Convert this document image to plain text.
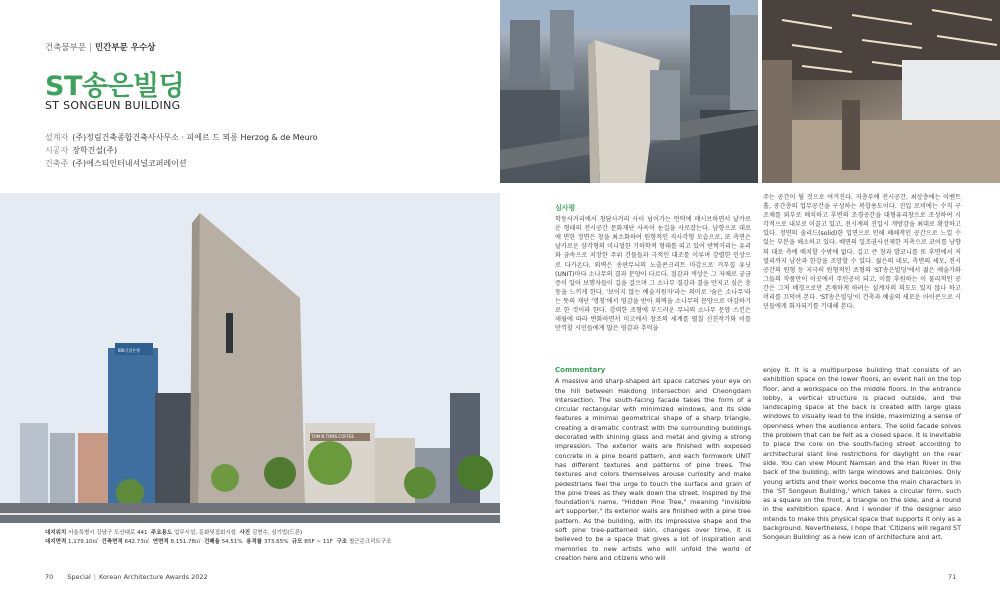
건축물부문 | 민간부문 우수상
ST송은빌딩
ST SONGEUN BUILDING
설계자 (주)정림건축종합건축사사무소 · 피에르 드 뫼롱 Herzog & de Meuro
시공자 장학건설(주)
건축주 (주)에스티인터내셔널코퍼레이션
IBK기업은행
TOM N TOMS COFFEE
대지위치 서울특별시 강남구 도산대로 441 주요용도 업무시설, 문화및집회시설 사진 김현수, 심기법(드론)
대지면적 1,179.10㎡ 건축면적 642.73㎡ 연면적 8,151.78㎡ 건폐율 54.51% 용적률 373.65% 규모 B5F ~ 11F 구조 철근콘크리트구조
심사평
학동사거리에서 청담사거리 사이 넘어가는 언덕에 매시브하면서 날카로운 형태의 전시공간 문화재단 사옥이 눈길을 사로잡는다. 남향으로 대로에 면한 정면은 창을 최소화하여 원형적인 직사각형 모습으로, 또 측면은 날카로운 삼각형의 미니멀한 기하학적 형태를 띠고 있어 반짝거리는 유리와 금속으로 치장한 주위 건물들과 극적인 대조를 이루며 강렬한 인상으로 다가온다. 외벽은 송판무늬의 노출콘크리트 마감으로 거푸집 유닛(UNIT)마다 소나무의 결과 문양이 다르다. 질감과 색상은 그 자체로 궁금증이 일어 보행자들이 길을 걸으며 그 소나무 질감과 결을 만지고 싶은 충동을 느끼게 한다. '보이지 않는 예술지원자'라는 의미로 '숨은 소나무'라는 뜻의 재단 '명칭'에서 영감을 받아 외벽을 소나무의 문양으로 마감하기로 한 것이라 한다. 강력한 조형에 부드러운 무늬의 소나무 문양 스킨은 세월에 따라 변화하면서 미고에서 창조의 세계를 펼칠 신진작가와 이를 만끽할 시민들에게 많은 영감과 추억을
주는 공간이 될 것으로 여겨진다. 저층부에 전시공간, 최상층에는 이벤트홀, 중간층의 업무공간을 구성하는 복합용도이다. 진입 로비에는 수직 구조체를 외부로 배치하고 후면의 조경공간을 대형유리창으로 조성하여 시각적으로 내부로 이끌고 있고, 전시계의 진입시 개방감을 최대로 확장하고 있다. 정면의 솔리드(solid)한 입면으로 인해 폐쇄적인 공간으로 느낄 수 있는 부분을 해소하고 있다. 배면의 일조권사선제한 저촉으로 코어를 남향의 대로 측에 배치할 수밖에 없다. 길고 큰 창과 발코니를 또 후면에서 저 멀리까지 남산과 한강을 조망할 수 있다. 젊은의 네모, 측면의 세모, 전시공간의 원형 등 지극히 원형적인 조형의 'ST송은빌딩'에서 젊은 예술가와 그들의 작품만이 이곳에서 주인공이 되고, 이를 후원하는 이 물리적인 공간은 그저 배경으로만 존재하게 하려는 설계자의 의도도 있지 않나 하고 머리를 끄덕여 본다. 'ST송은빌딩'이 건축과 예술의 새로운 아이콘으로 시민들에게 회자되기를 기대해 본다.
Commentary
A massive and sharp-shaped art space catches your eye on the hill between Hakdong Intersection and Cheongdam Intersection. The south-facing facade takes the form of a circular rectangular with minimized windows, and its side features a minimal geometrical shape of a sharp triangle, creating a dramatic contrast with the surrounding buildings decorated with shining glass and metal and giving a strong impression. The exterior walls are finished with exposed concrete in a pine board pattern, and each formwork UNIT has different textures and patterns of pine trees. The textures and colors themselves arouse curiosity and make pedestrians feel the urge to touch the surface and grain of the pine trees as they walk down the street. Inspired by the foundation's name, "Hidden Pine Tree," meaning "invisible art supporter," its exterior walls are finished with a pine tree pattern. As the building, with its impressive shape and the soft pine tree-patterned skin, changes over time, it is believed to be a space that gives a lot of inspiration and memories to new artists who will unfold the world of creation here and citizens who will
enjoy it. It is a multipurpose building that consists of an exhibition space on the lower floors, an event hall on the top floor, and a workspace on the middle floors. In the entrance lobby, a vertical structure is placed outside, and the landscaping space at the back is created with large glass windows to visually lead to the inside, maximizing a sense of openness when the audience enters. The solid facade solves the problem that can be felt as a closed space. It is inevitable to place the core on the south-facing street according to architectural slant line restrictions for daylight on the rear side. You can view Mount Namsan and the Han River in the back of the building, with large windows and balconies. Only young artists and their works become the main characters in the 'ST Songeun Building,' which takes a circular form, such as a square on the front, a triangle on the side, and a round in the exhibition space. And I wonder if the designer also intends to make this physical space that supports it only as a background. Nevertheless, I hope that 'Citizens will regard ST Songeun Building' as a new icon of architecture and art.
70 Special | Korean Architecture Awards 2022	71
